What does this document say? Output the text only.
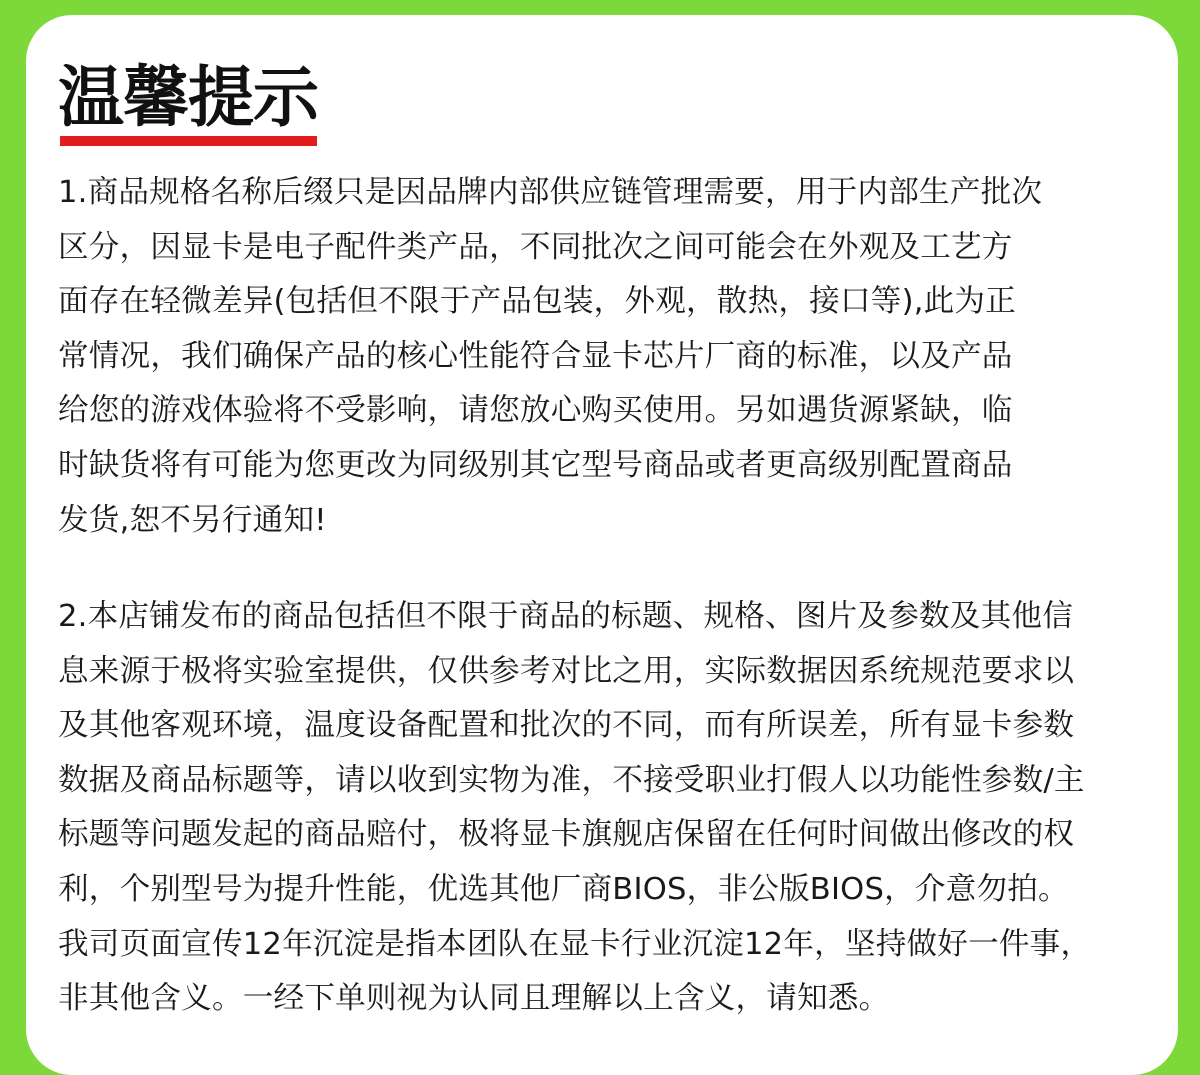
温馨提示

1.商品规格名称后缀只是因品牌内部供应链管理需要，用于内部生产批次
区分，因显卡是电子配件类产品，不同批次之间可能会在外观及工艺方
面存在轻微差异(包括但不限于产品包装，外观，散热，接口等),此为正
常情况，我们确保产品的核心性能符合显卡芯片厂商的标准，以及产品
给您的游戏体验将不受影响，请您放心购买使用。另如遇货源紧缺，临
时缺货将有可能为您更改为同级别其它型号商品或者更高级别配置商品
发货,恕不另行通知!

2.本店铺发布的商品包括但不限于商品的标题、规格、图片及参数及其他信
息来源于极将实验室提供，仅供参考对比之用，实际数据因系统规范要求以
及其他客观环境，温度设备配置和批次的不同，而有所误差，所有显卡参数
数据及商品标题等，请以收到实物为准，不接受职业打假人以功能性参数/主
标题等问题发起的商品赔付，极将显卡旗舰店保留在任何时间做出修改的权
利，个别型号为提升性能，优选其他厂商BIOS，非公版BIOS，介意勿拍。
我司页面宣传12年沉淀是指本团队在显卡行业沉淀12年，坚持做好一件事，
非其他含义。一经下单则视为认同且理解以上含义，请知悉。
